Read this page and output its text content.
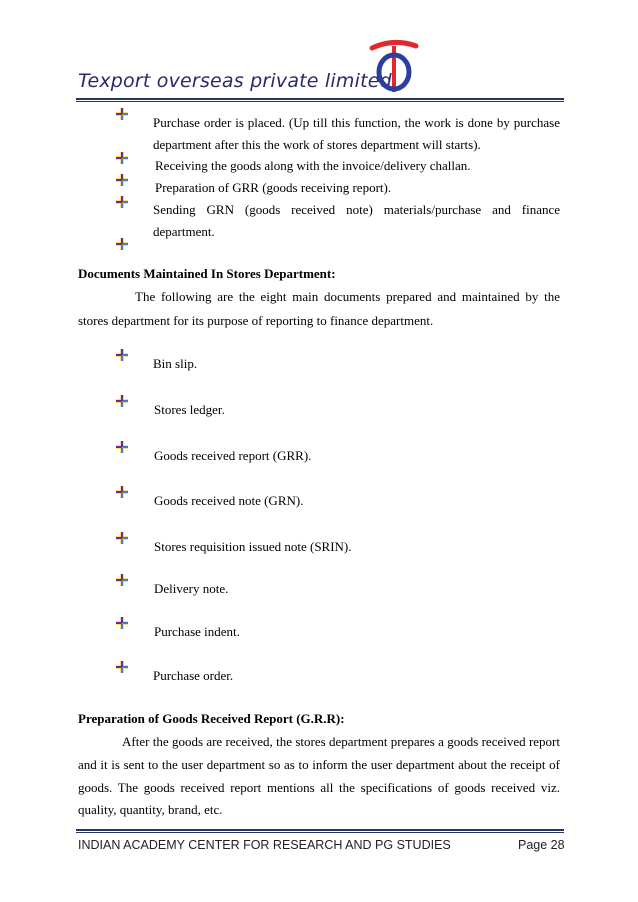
Texport overseas private limited
Purchase order is placed. (Up till this function, the work is done by purchase
department after this the work of stores department will starts).
Receiving the goods along with the invoice/delivery challan.
Preparation of GRR (goods receiving report).
Sending GRN (goods received note) materials/purchase and finance
department.
Documents Maintained In Stores Department:
The following are the eight main documents prepared and maintained by the
stores department for its purpose of reporting to finance department.
Bin slip.
Stores ledger.
Goods received report (GRR).
Goods received note (GRN).
Stores requisition issued note (SRIN).
Delivery note.
Purchase indent.
Purchase order.
Preparation of Goods Received Report (G.R.R):
After the goods are received, the stores department prepares a goods received report
and it is sent to the user department so as to inform the user department about the receipt of
goods. The goods received report mentions all the specifications of goods received viz.
quality, quantity, brand, etc.
INDIAN ACADEMY CENTER FOR RESEARCH AND PG STUDIES	Page 28
